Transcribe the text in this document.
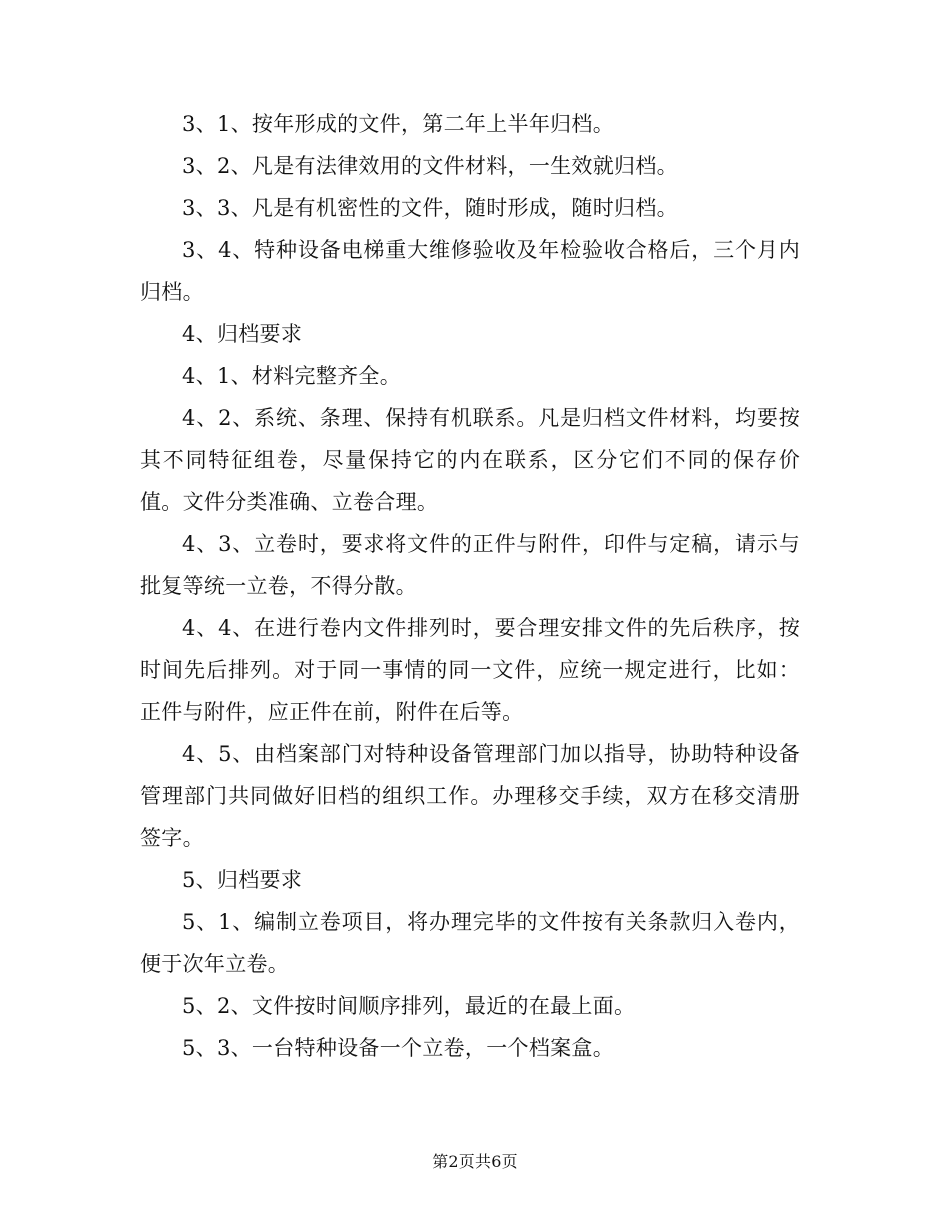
3、1、按年形成的文件，第二年上半年归档。

3、2、凡是有法律效用的文件材料，一生效就归档。

3、3、凡是有机密性的文件，随时形成，随时归档。

3、4、特种设备电梯重大维修验收及年检验收合格后，三个月内归档。

4、归档要求

4、1、材料完整齐全。

4、2、系统、条理、保持有机联系。凡是归档文件材料，均要按其不同特征组卷，尽量保持它的内在联系，区分它们不同的保存价值。文件分类准确、立卷合理。

4、3、立卷时，要求将文件的正件与附件，印件与定稿，请示与批复等统一立卷，不得分散。

4、4、在进行卷内文件排列时，要合理安排文件的先后秩序，按时间先后排列。对于同一事情的同一文件，应统一规定进行，比如：正件与附件，应正件在前，附件在后等。

4、5、由档案部门对特种设备管理部门加以指导，协助特种设备管理部门共同做好旧档的组织工作。办理移交手续，双方在移交清册签字。

5、归档要求

5、1、编制立卷项目，将办理完毕的文件按有关条款归入卷内，便于次年立卷。

5、2、文件按时间顺序排列，最近的在最上面。

5、3、一台特种设备一个立卷，一个档案盒。

第2页共6页
